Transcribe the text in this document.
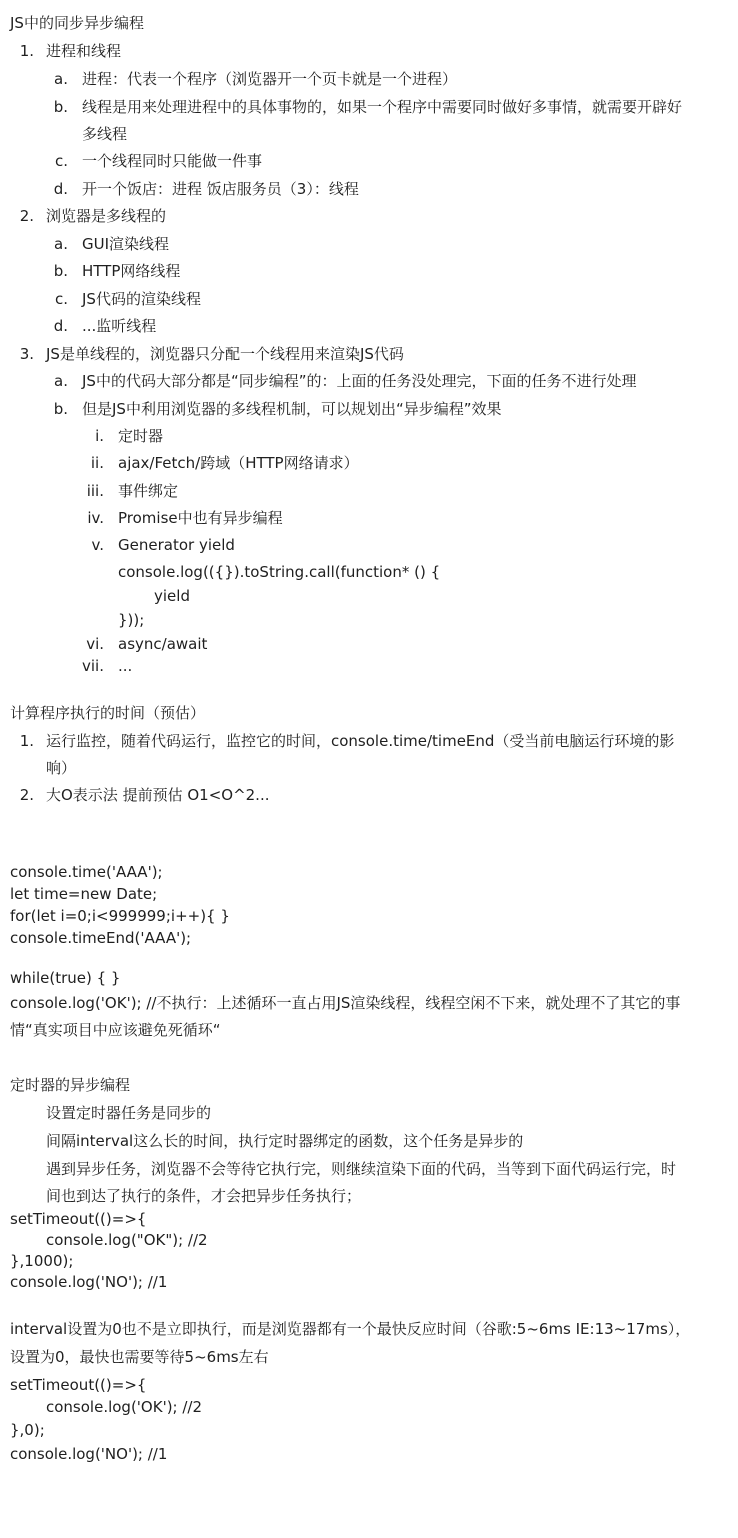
JS中的同步异步编程
1. 进程和线程
a. 进程：代表一个程序（浏览器开一个页卡就是一个进程）
b. 线程是用来处理进程中的具体事物的，如果一个程序中需要同时做好多事情，就需要开辟好
多线程
c. 一个线程同时只能做一件事
d. 开一个饭店：进程 饭店服务员（3）：线程
2. 浏览器是多线程的
a. GUI渲染线程
b. HTTP网络线程
c. JS代码的渲染线程
d. ...监听线程
3. JS是单线程的，浏览器只分配一个线程用来渲染JS代码
a. JS中的代码大部分都是“同步编程”的：上面的任务没处理完，下面的任务不进行处理
b. 但是JS中利用浏览器的多线程机制，可以规划出“异步编程”效果
i. 定时器
ii. ajax/Fetch/跨域（HTTP网络请求）
iii. 事件绑定
iv. Promise中也有异步编程
v. Generator yield
console.log(({}).toString.call(function* () {
yield
}));
vi. async/await
vii. ...
计算程序执行的时间（预估）
1. 运行监控，随着代码运行，监控它的时间，console.time/timeEnd（受当前电脑运行环境的影
响）
2. 大O表示法 提前预估 O1<O^2...
console.time('AAA');
let time=new Date;
for(let i=0;i<999999;i++){ }
console.timeEnd('AAA');
while(true) { }
console.log('OK'); //不执行：上述循环一直占用JS渲染线程，线程空闲不下来，就处理不了其它的事
情“真实项目中应该避免死循环“
定时器的异步编程
设置定时器任务是同步的
间隔interval这么长的时间，执行定时器绑定的函数，这个任务是异步的
遇到异步任务，浏览器不会等待它执行完，则继续渲染下面的代码，当等到下面代码运行完，时
间也到达了执行的条件，才会把异步任务执行；
setTimeout(()=>{
console.log("OK"); //2
},1000);
console.log('NO'); //1
interval设置为0也不是立即执行，而是浏览器都有一个最快反应时间（谷歌:5~6ms IE:13~17ms），
设置为0，最快也需要等待5~6ms左右
setTimeout(()=>{
console.log('OK'); //2
},0);
console.log('NO'); //1
